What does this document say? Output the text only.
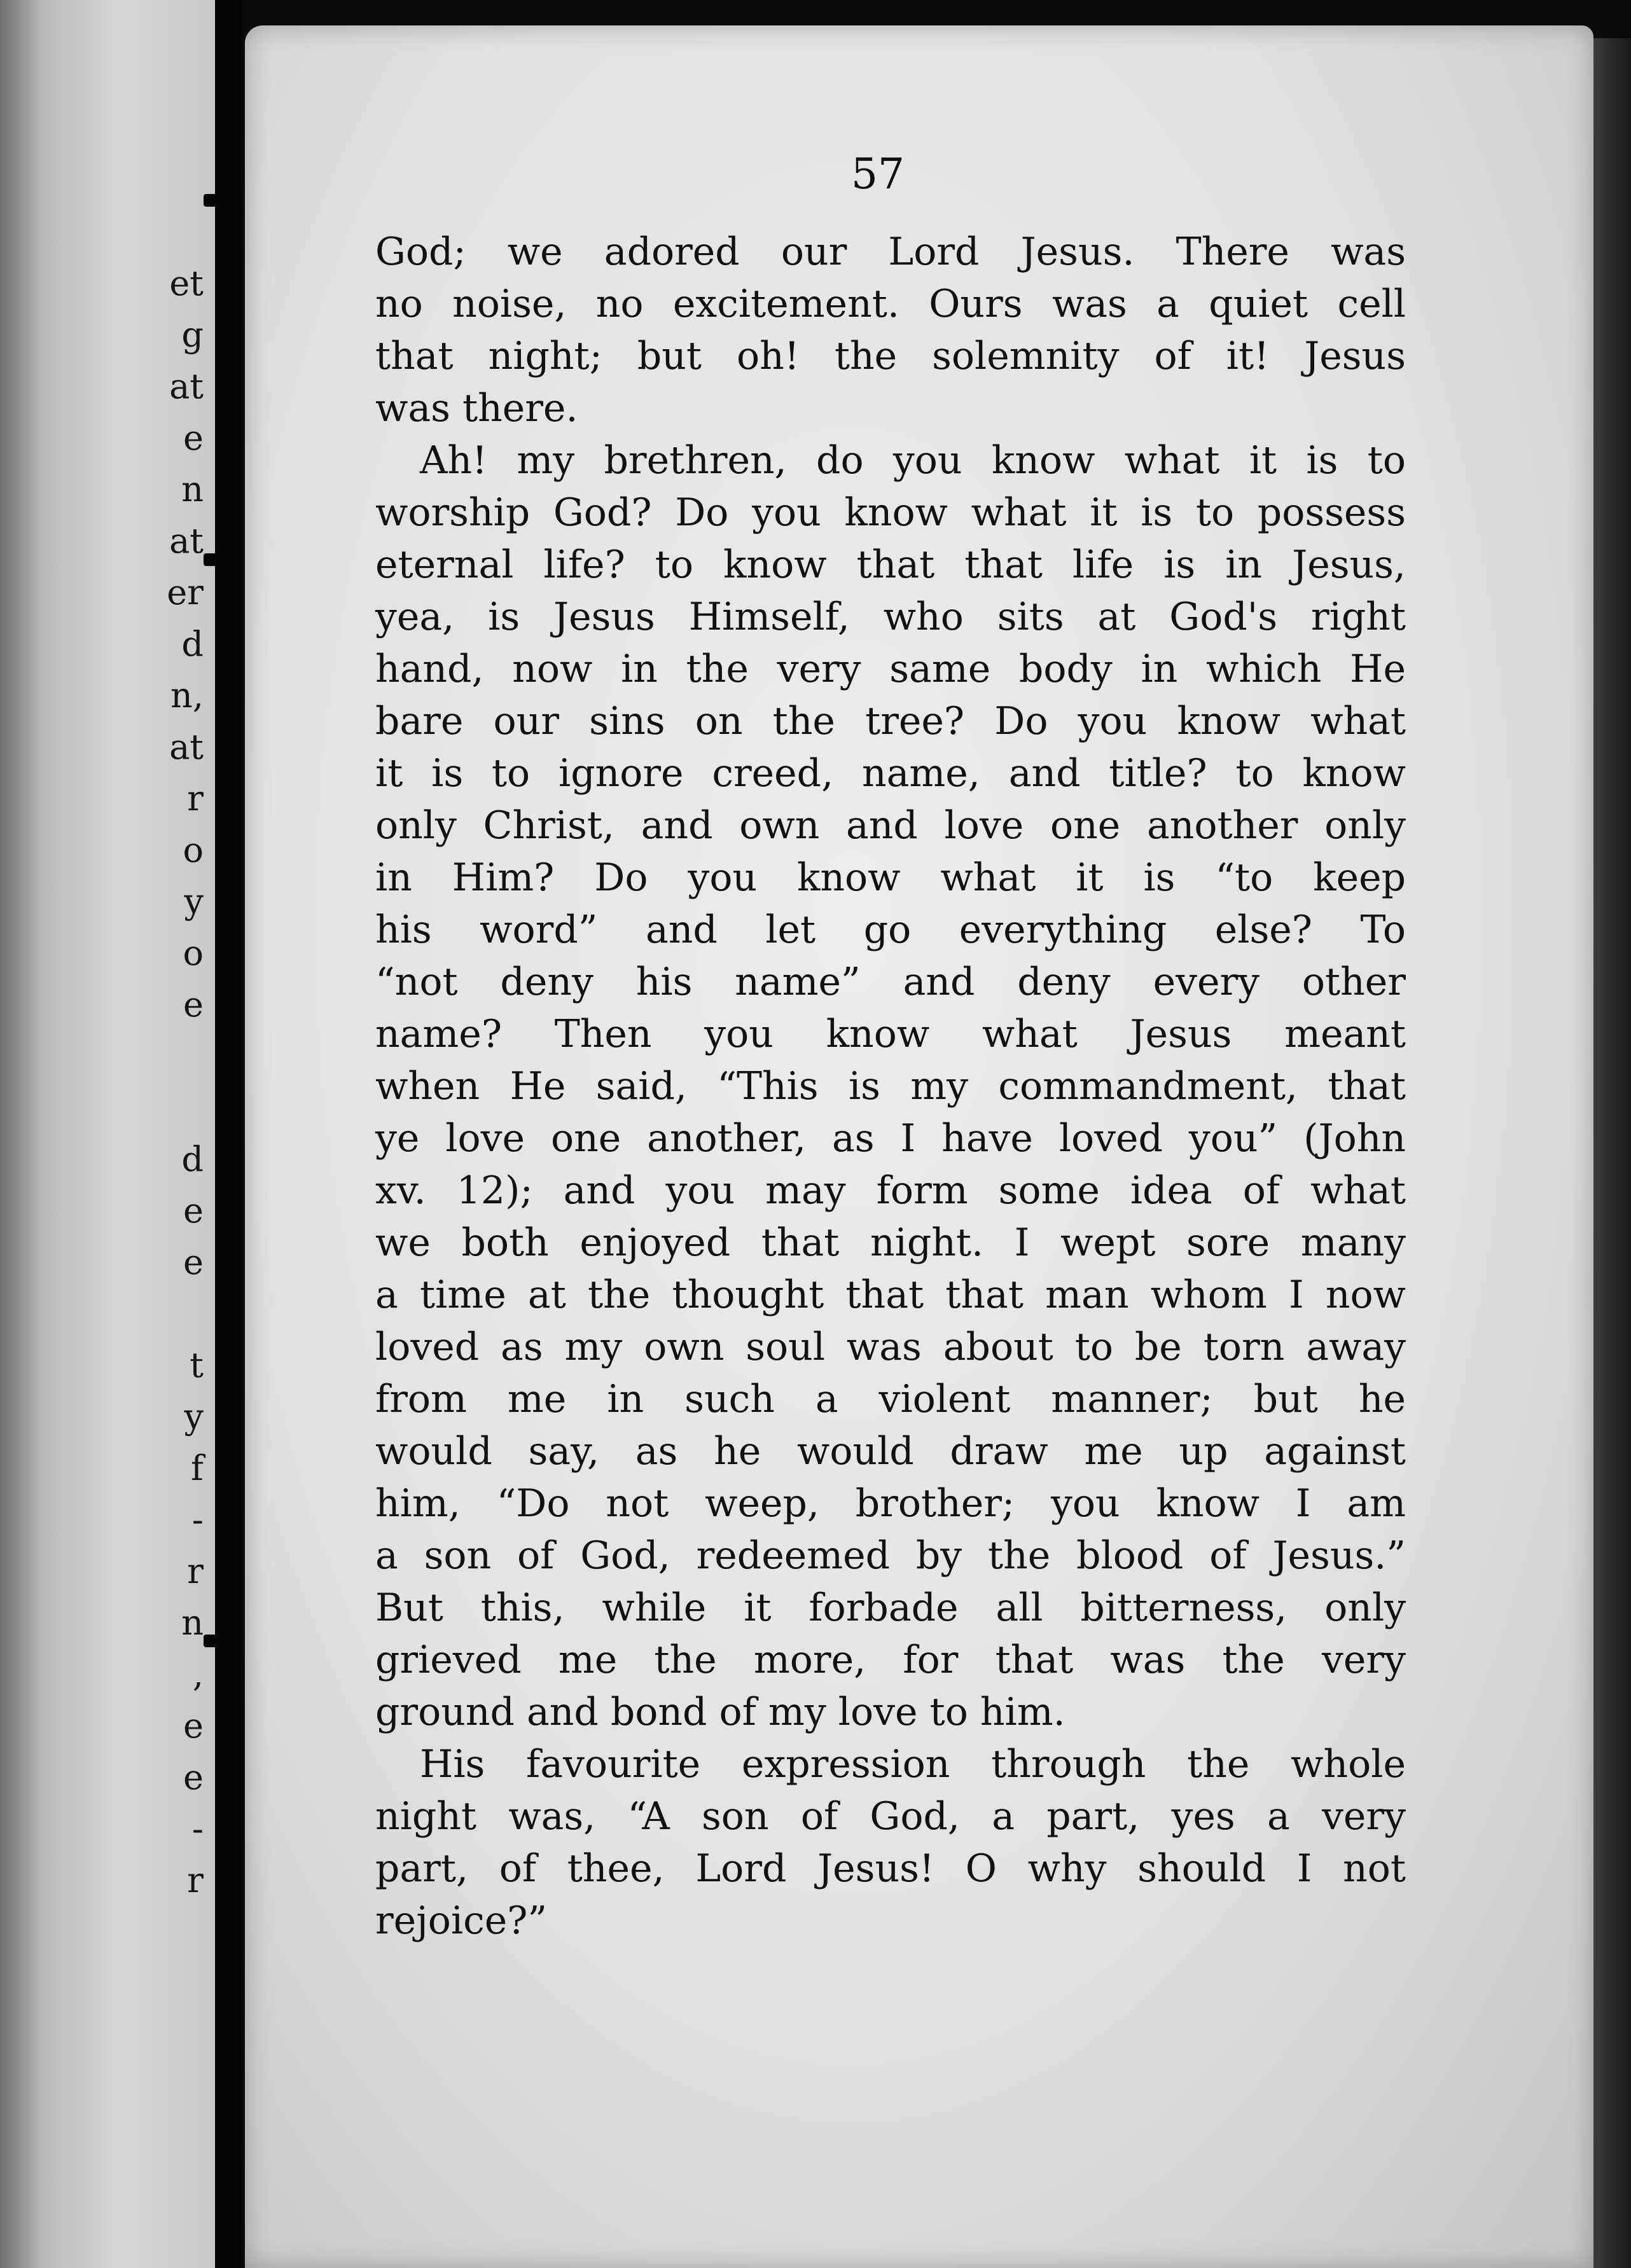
et
g
at
e
n
at
er
d
n,
at
r
o
y
o
e
d
e
e
t
y
f
-
r
n
,
e
e
-
r

57

God; we adored our Lord Jesus. There was
no noise, no excitement. Ours was a quiet cell
that night; but oh! the solemnity of it! Jesus
was there.
Ah! my brethren, do you know what it is to
worship God? Do you know what it is to possess
eternal life? to know that that life is in Jesus,
yea, is Jesus Himself, who sits at God's right
hand, now in the very same body in which He
bare our sins on the tree? Do you know what
it is to ignore creed, name, and title? to know
only Christ, and own and love one another only
in Him? Do you know what it is “to keep
his word” and let go everything else? To
“not deny his name” and deny every other
name? Then you know what Jesus meant
when He said, “This is my commandment, that
ye love one another, as I have loved you” (John
xv. 12); and you may form some idea of what
we both enjoyed that night. I wept sore many
a time at the thought that that man whom I now
loved as my own soul was about to be torn away
from me in such a violent manner; but he
would say, as he would draw me up against
him, “Do not weep, brother; you know I am
a son of God, redeemed by the blood of Jesus.”
But this, while it forbade all bitterness, only
grieved me the more, for that was the very
ground and bond of my love to him.
His favourite expression through the whole
night was, “A son of God, a part, yes a very
part, of thee, Lord Jesus! O why should I not
rejoice?”
